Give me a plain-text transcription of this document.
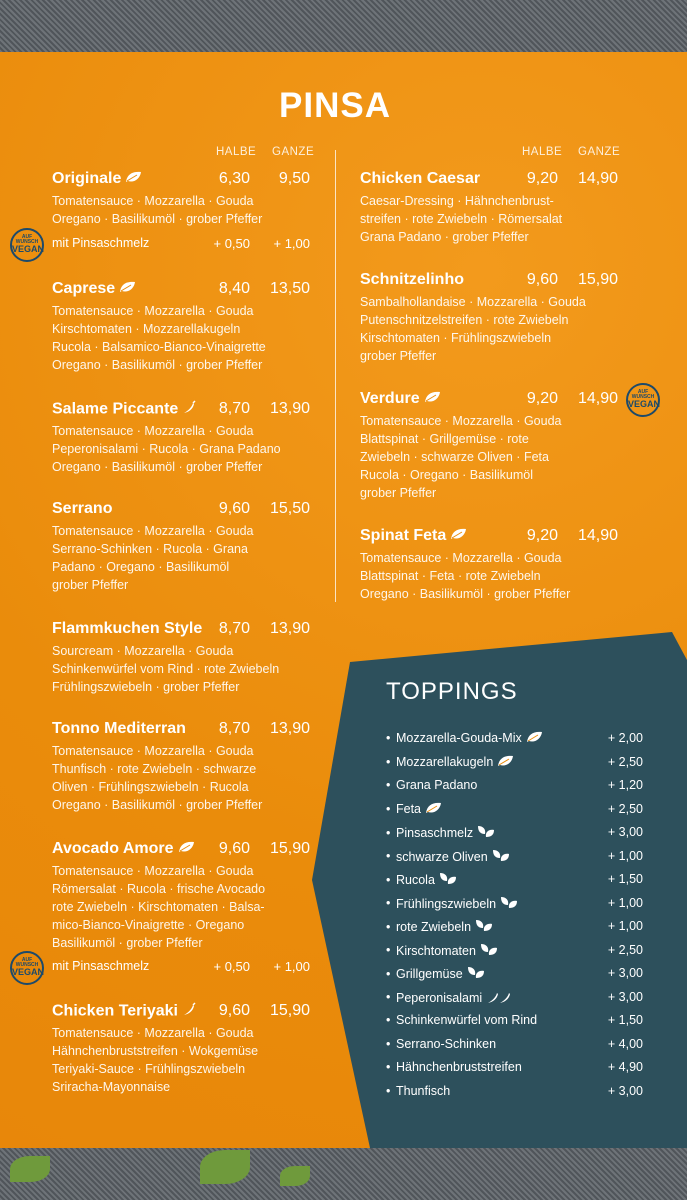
PINSA
HALBE GANZE	HALBE GANZE
Originale	6,30	9,50
Tomatensauce · Mozzarella · Gouda
Oregano · Basilikumöl · grober Pfeffer
mit Pinsaschmelz	+ 0,50	+ 1,00
AUF WUNSCH
VEGAN
Caprese	8,40	13,50
Tomatensauce · Mozzarella · Gouda
Kirschtomaten · Mozzarellakugeln
Rucola · Balsamico-Bianco-Vinaigrette
Oregano · Basilikumöl · grober Pfeffer
Salame Piccante	8,70	13,90
Tomatensauce · Mozzarella · Gouda
Peperonisalami · Rucola · Grana Padano
Oregano · Basilikumöl · grober Pfeffer
Serrano	9,60	15,50
Tomatensauce · Mozzarella · Gouda
Serrano-Schinken · Rucola · Grana
Padano · Oregano · Basilikumöl
grober Pfeffer
Flammkuchen Style	8,70	13,90
Sourcream · Mozzarella · Gouda
Schinkenwürfel vom Rind · rote Zwiebeln
Frühlingszwiebeln · grober Pfeffer
Tonno Mediterran	8,70	13,90
Tomatensauce · Mozzarella · Gouda
Thunfisch · rote Zwiebeln · schwarze
Oliven · Frühlingszwiebeln · Rucola
Oregano · Basilikumöl · grober Pfeffer
Avocado Amore	9,60	15,90
Tomatensauce · Mozzarella · Gouda
Römersalat · Rucola · frische Avocado
rote Zwiebeln · Kirschtomaten · Balsa-
mico-Bianco-Vinaigrette · Oregano
Basilikumöl · grober Pfeffer
mit Pinsaschmelz	+ 0,50	+ 1,00
AUF WUNSCH
VEGAN
Chicken Teriyaki	9,60	15,90
Tomatensauce · Mozzarella · Gouda
Hähnchenbruststreifen · Wokgemüse
Teriyaki-Sauce · Frühlingszwiebeln
Sriracha-Mayonnaise
Chicken Caesar	9,20	14,90
Caesar-Dressing · Hähnchenbrust-
streifen · rote Zwiebeln · Römersalat
Grana Padano · grober Pfeffer
Schnitzelinho	9,60	15,90
Sambalhollandaise · Mozzarella · Gouda
Putenschnitzelstreifen · rote Zwiebeln
Kirschtomaten · Frühlingszwiebeln
grober Pfeffer
Verdure	9,20	14,90
Tomatensauce · Mozzarella · Gouda
Blattspinat · Grillgemüse · rote
Zwiebeln · schwarze Oliven · Feta
Rucola · Oregano · Basilikumöl
grober Pfeffer
AUF WUNSCH
VEGAN
Spinat Feta	9,20	14,90
Tomatensauce · Mozzarella · Gouda
Blattspinat · Feta · rote Zwiebeln
Oregano · Basilikumöl · grober Pfeffer
TOPPINGS
• Mozzarella-Gouda-Mix	+ 2,00
• Mozzarellakugeln	+ 2,50
• Grana Padano	+ 1,20
• Feta	+ 2,50
• Pinsaschmelz	+ 3,00
• schwarze Oliven	+ 1,00
• Rucola	+ 1,50
• Frühlingszwiebeln	+ 1,00
• rote Zwiebeln	+ 1,00
• Kirschtomaten	+ 2,50
• Grillgemüse	+ 3,00
• Peperonisalami	+ 3,00
• Schinkenwürfel vom Rind	+ 1,50
• Serrano-Schinken	+ 4,00
• Hähnchenbruststreifen	+ 4,90
• Thunfisch	+ 3,00
